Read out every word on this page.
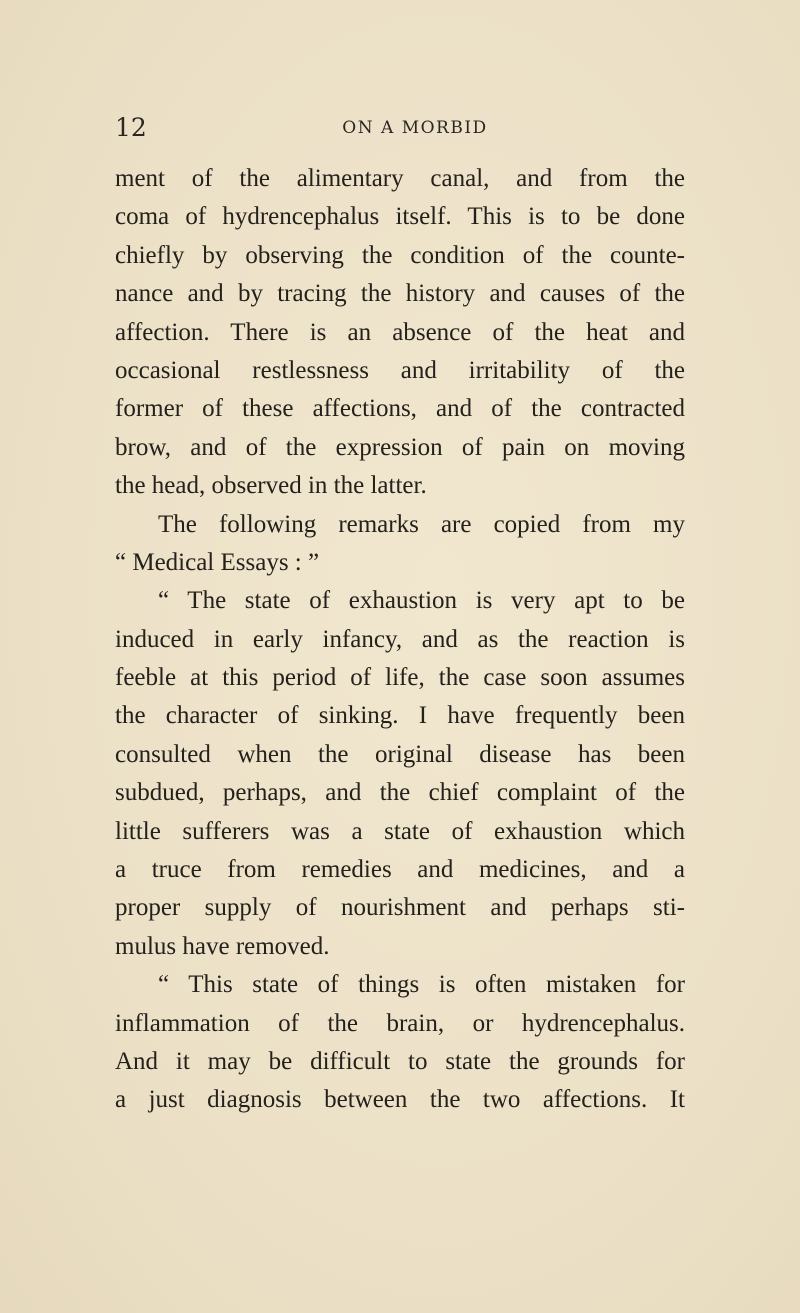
12	ON A MORBID
ment of the alimentary canal, and from the
coma of hydrencephalus itself. This is to be done
chiefly by observing the condition of the counte-
nance and by tracing the history and causes of the
affection. There is an absence of the heat and
occasional restlessness and irritability of the
former of these affections, and of the contracted
brow, and of the expression of pain on moving
the head, observed in the latter.
The following remarks are copied from my
“ Medical Essays : ”
“ The state of exhaustion is very apt to be
induced in early infancy, and as the reaction is
feeble at this period of life, the case soon assumes
the character of sinking. I have frequently been
consulted when the original disease has been
subdued, perhaps, and the chief complaint of the
little sufferers was a state of exhaustion which
a truce from remedies and medicines, and a
proper supply of nourishment and perhaps sti-
mulus have removed.
“ This state of things is often mistaken for
inflammation of the brain, or hydrencephalus.
And it may be difficult to state the grounds for
a just diagnosis between the two affections. It
